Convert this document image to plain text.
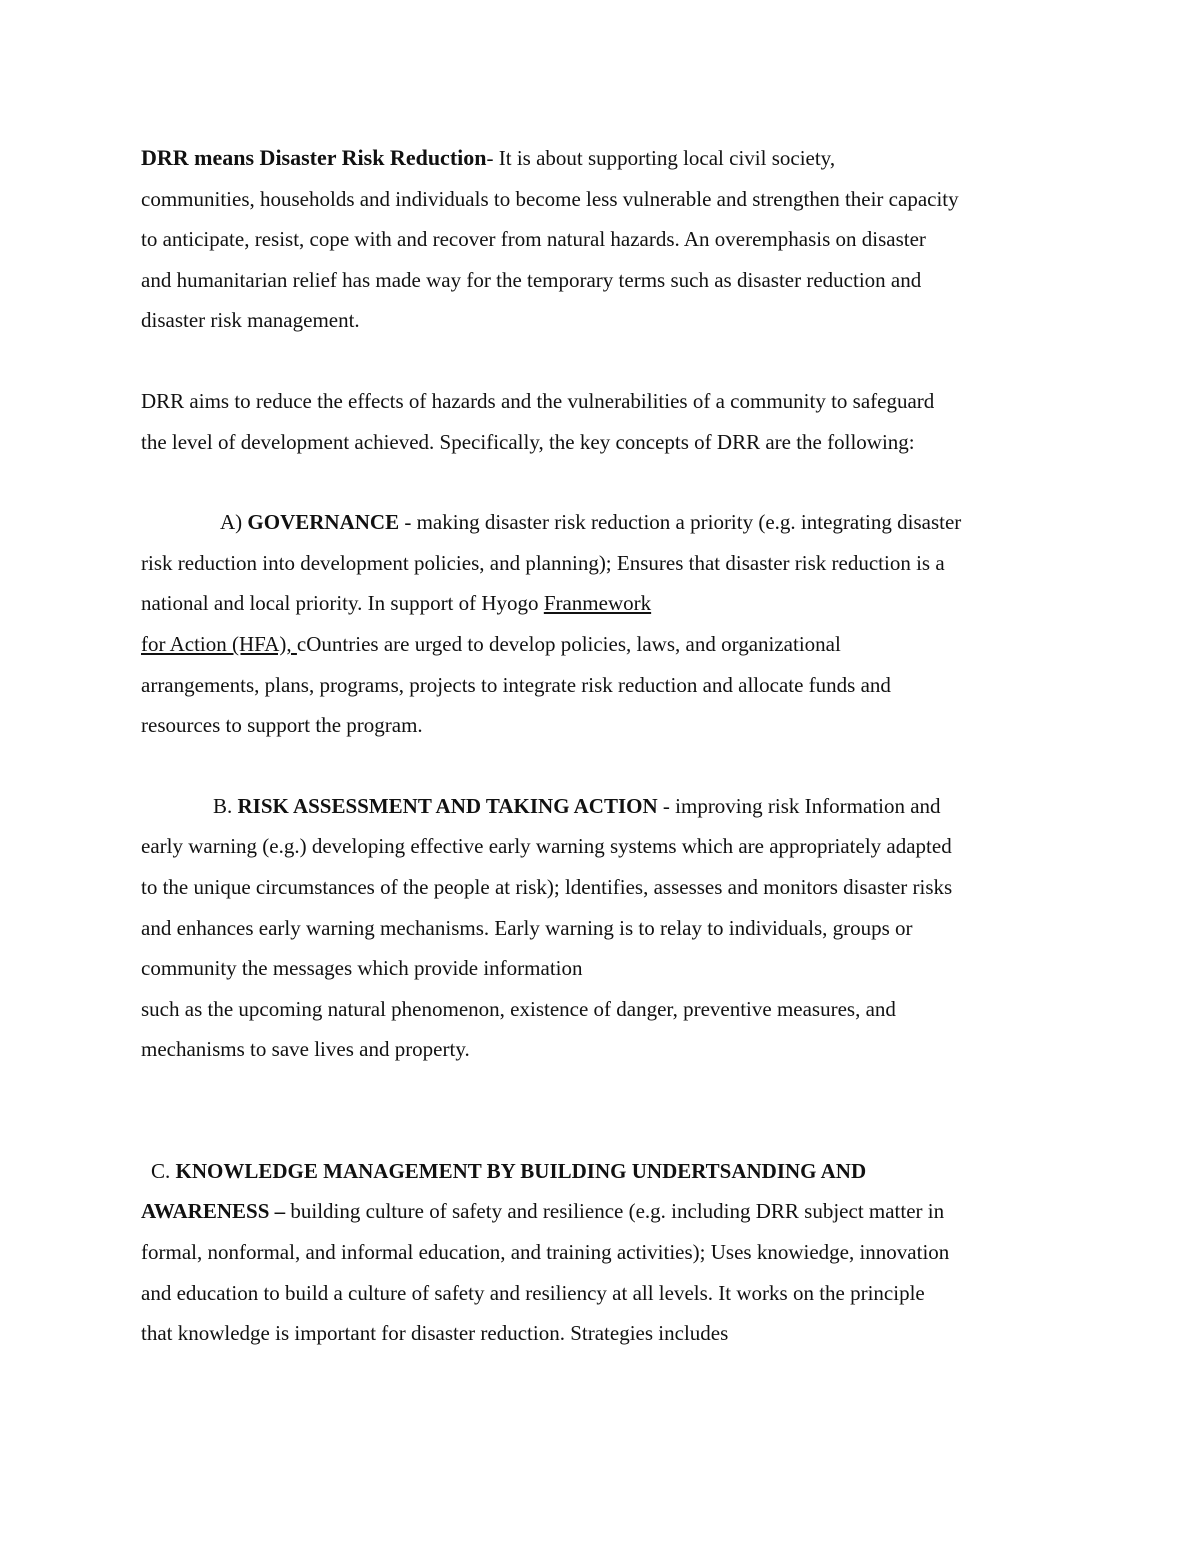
DRR means Disaster Risk Reduction- It is about supporting local civil society,

communities, households and individuals to become less vulnerable and strengthen their capacity

to anticipate, resist, cope with and recover from natural hazards. An overemphasis on disaster

and humanitarian relief has made way for the temporary terms such as disaster reduction and

disaster risk management.

DRR aims to reduce the effects of hazards and the vulnerabilities of a community to safeguard

the level of development achieved. Specifically, the key concepts of DRR are the following:

A) GOVERNANCE - making disaster risk reduction a priority (e.g. integrating disaster

risk reduction into development policies, and planning); Ensures that disaster risk reduction is a

national and local priority. In support of Hyogo Franmework

for Action (HFA), cOuntries are urged to develop policies, laws, and organizational

arrangements, plans, programs, projects to integrate risk reduction and allocate funds and

resources to support the program.

B. RISK ASSESSMENT AND TAKING ACTION - improving risk Information and

early warning (e.g.) developing effective early warning systems which are appropriately adapted

to the unique circumstances of the people at risk); ldentifies, assesses and monitors disaster risks

and enhances early warning mechanisms. Early warning is to relay to individuals, groups or

community the messages which provide information

such as the upcoming natural phenomenon, existence of danger, preventive measures, and

mechanisms to save lives and property.

C. KNOWLEDGE MANAGEMENT BY BUILDING UNDERTSANDING AND

AWARENESS – building culture of safety and resilience (e.g. including DRR subject matter in

formal, nonformal, and informal education, and training activities); Uses knowiedge, innovation

and education to build a culture of safety and resiliency at all levels. It works on the principle

that knowledge is important for disaster reduction. Strategies includes
